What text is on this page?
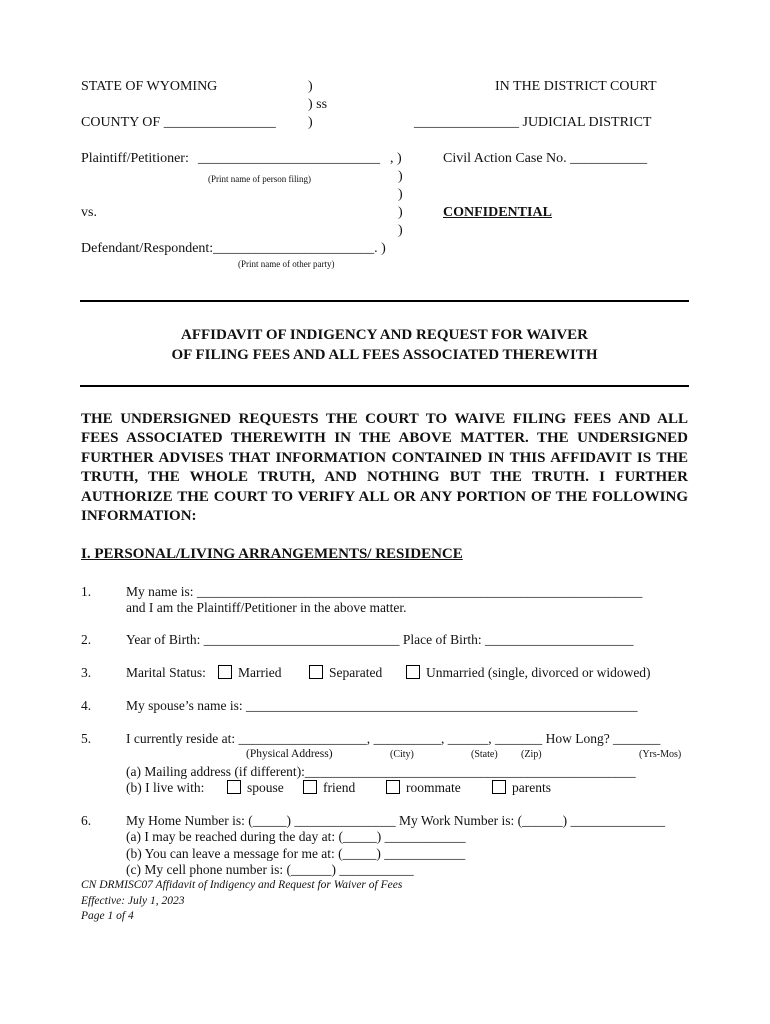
STATE OF WYOMING	)
) ss
COUNTY OF ________________ )
IN THE DISTRICT COURT
_______________ JUDICIAL DISTRICT
Plaintiff/Petitioner: __________________________ , )
(Print name of person filing)
Civil Action Case No. ___________
)
)
vs.	)	CONFIDENTIAL
)
Defendant/Respondent:_______________________. )
(Print name of other party)
AFFIDAVIT OF INDIGENCY AND REQUEST FOR WAIVER
OF FILING FEES AND ALL FEES ASSOCIATED THEREWITH
THE UNDERSIGNED REQUESTS THE COURT TO WAIVE FILING FEES AND ALL FEES ASSOCIATED THEREWITH IN THE ABOVE MATTER. THE UNDERSIGNED FURTHER ADVISES THAT INFORMATION CONTAINED IN THIS AFFIDAVIT IS THE TRUTH, THE WHOLE TRUTH, AND NOTHING BUT THE TRUTH. I FURTHER AUTHORIZE THE COURT TO VERIFY ALL OR ANY PORTION OF THE FOLLOWING INFORMATION:
I. PERSONAL/LIVING ARRANGEMENTS/ RESIDENCE
1.	My name is: __________________________________________________________________
and I am the Plaintiff/Petitioner in the above matter.
2.	Year of Birth: _____________________________ Place of Birth: ______________________
3.	Marital Status:	Married	Separated	Unmarried (single, divorced or widowed)
4.	My spouse’s name is: __________________________________________________________
5.	I currently reside at: ___________________, __________, ______, _______ How Long? _______
(Physical Address)	(City)	(State) (Zip)	(Yrs-Mos)
(a) Mailing address (if different):_________________________________________________
(b) I live with:	spouse	friend	roommate	parents
6.	My Home Number is: (_____) _______________ My Work Number is: (______) ______________
(a) I may be reached during the day at: (_____) ____________
(b) You can leave a message for me at: (_____) ____________
(c) My cell phone number is: (______) ___________
CN DRMISC07 Affidavit of Indigency and Request for Waiver of Fees
Effective: July 1, 2023
Page 1 of 4
